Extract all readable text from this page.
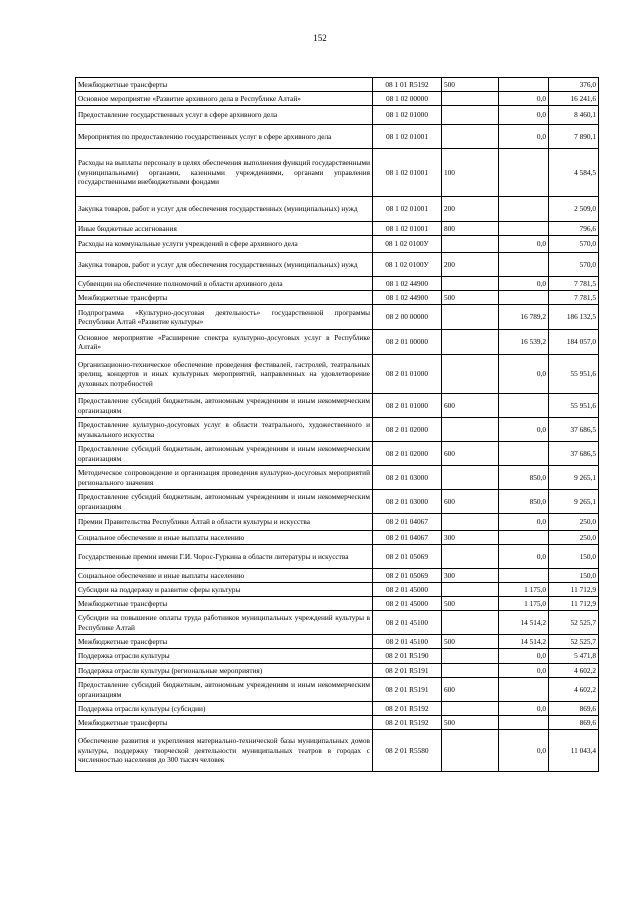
152
Межбюджетные трансферты	08 1 01 R5192	500		376,0
Основное мероприятие «Развитие архивного дела в Республике Алтай»	08 1 02 00000		0,0	16 241,6
Предоставление государственных услуг в сфере архивного дела	08 1 02 01000		0,0	8 460,1
Мероприятия по предоставлению государственных услуг в сфере архивного дела	08 1 02 01001		0,0	7 890,1
Расходы на выплаты персоналу в целях обеспечения выполнения функций государственными (муниципальными) органами, казенными учреждениями, органами управления государственными внебюджетными фондами	08 1 02 01001	100		4 584,5
Закупка товаров, работ и услуг для обеспечения государственных (муниципальных) нужд	08 1 02 01001	200		2 509,0
Иные бюджетные ассигнования	08 1 02 01001	800		796,6
Расходы на коммунальные услуги учреждений в сфере архивного дела	08 1 02 0100У		0,0	570,0
Закупка товаров, работ и услуг для обеспечения государственных (муниципальных) нужд	08 1 02 0100У	200		570,0
Субвенции на обеспечение полномочий в области архивного дела	08 1 02 44900		0,0	7 781,5
Межбюджетные трансферты	08 1 02 44900	500		7 781,5
Подпрограмма «Культурно-досуговая деятельность» государственной программы Республики Алтай «Развитие культуры»	08 2 00 00000		16 789,2	186 132,5
Основное мероприятие «Расширение спектра культурно-досуговых услуг в Республике Алтай»	08 2 01 00000		16 539,2	184 057,0
Организационно-техническое обеспечение проведения фестивалей, гастролей, театральных зрелищ, концертов и иных культурных мероприятий, направленных на удовлетворение духовных потребностей	08 2 01 01000		0,0	55 951,6
Предоставление субсидий бюджетным, автономным учреждениям и иным некоммерческим организациям	08 2 01 01000	600		55 951,6
Предоставление культурно-досуговых услуг в области театрального, художественного и музыкального искусства	08 2 01 02000		0,0	37 686,5
Предоставление субсидий бюджетным, автономным учреждениям и иным некоммерческим организациям	08 2 01 02000	600		37 686,5
Методическое сопровождение и организация проведения культурно-досуговых мероприятий регионального значения	08 2 01 03000		850,0	9 265,1
Предоставление субсидий бюджетным, автономным учреждениям и иным некоммерческим организациям	08 2 01 03000	600	850,0	9 265,1
Премии Правительства Республики Алтай в области культуры и искусства	08 2 01 04067		0,0	250,0
Социальное обеспечение и иные выплаты населению	08 2 01 04067	300		250,0
Государственные премии имени Г.И. Чорос-Гуркина в области литературы и искусства	08 2 01 05069		0,0	150,0
Социальное обеспечение и иные выплаты населению	08 2 01 05069	300		150,0
Субсидии на поддержку и развитие сферы культуры	08 2 01 45000		1 175,0	11 712,9
Межбюджетные трансферты	08 2 01 45000	500	1 175,0	11 712,9
Субсидии на повышение оплаты труда работников муниципальных учреждений культуры в Республике Алтай	08 2 01 45100		14 514,2	52 525,7
Межбюджетные трансферты	08 2 01 45100	500	14 514,2	52 525,7
Поддержка отрасли культуры	08 2 01 R5190		0,0	5 471,8
Поддержка отрасли культуры (региональные мероприятия)	08 2 01 R5191		0,0	4 602,2
Предоставление субсидий бюджетным, автономным учреждениям и иным некоммерческим организациям	08 2 01 R5191	600		4 602,2
Поддержка отрасли культуры (субсидии)	08 2 01 R5192		0,0	869,6
Межбюджетные трансферты	08 2 01 R5192	500		869,6
Обеспечение развития и укрепления материально-технической базы муниципальных домов культуры, поддержку творческой деятельности муниципальных театров в городах с численностью населения до 300 тысяч человек	08 2 01 R5580		0,0	11 043,4
